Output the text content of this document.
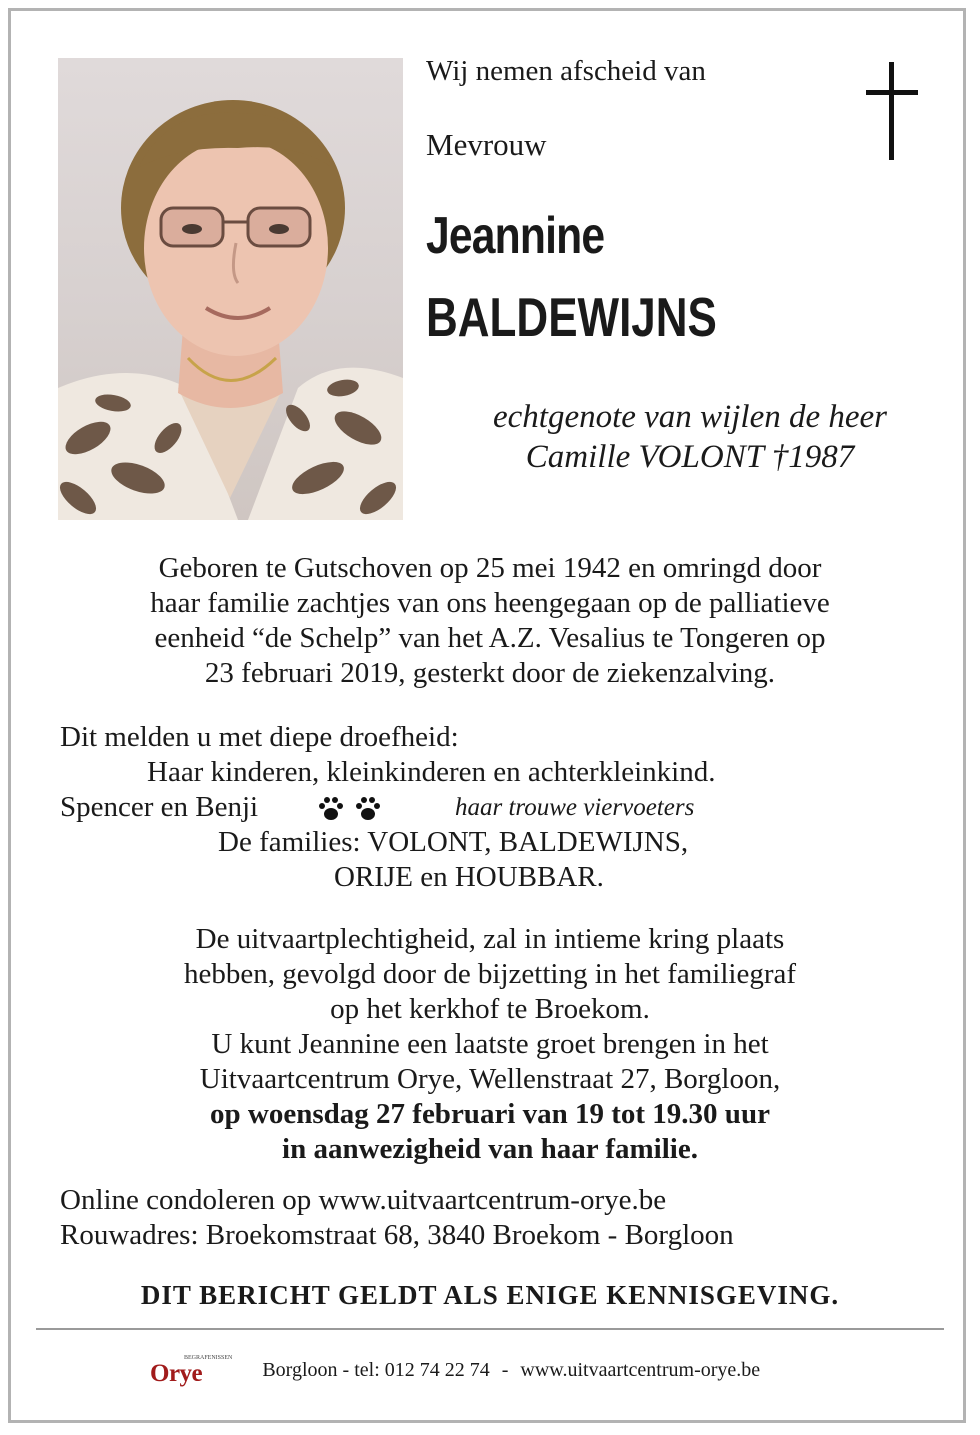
Wij nemen afscheid van
Mevrouw
Jeannine
BALDEWIJNS
echtgenote van wijlen de heer
Camille VOLONT †1987
Geboren te Gutschoven op 25 mei 1942 en omringd door
haar familie zachtjes van ons heengegaan op de palliatieve
eenheid “de Schelp” van het A.Z. Vesalius te Tongeren op
23 februari 2019, gesterkt door de ziekenzalving.
Dit melden u met diepe droefheid:
Haar kinderen, kleinkinderen en achterkleinkind.
Spencer en Benji	haar trouwe viervoeters
De families: VOLONT, BALDEWIJNS,
ORIJE en HOUBBAR.
De uitvaartplechtigheid, zal in intieme kring plaats
hebben, gevolgd door de bijzetting in het familiegraf
op het kerkhof te Broekom.
U kunt Jeannine een laatste groet brengen in het
Uitvaartcentrum Orye, Wellenstraat 27, Borgloon,
op woensdag 27 februari van 19 tot 19.30 uur
in aanwezigheid van haar familie.
Online condoleren op www.uitvaartcentrum-orye.be
Rouwadres: Broekomstraat 68, 3840 Broekom - Borgloon
DIT BERICHT GELDT ALS ENIGE KENNISGEVING.
BEGRAFENISSEN
Orye	Borgloon - tel: 012 74 22 74 - www.uitvaartcentrum-orye.be
